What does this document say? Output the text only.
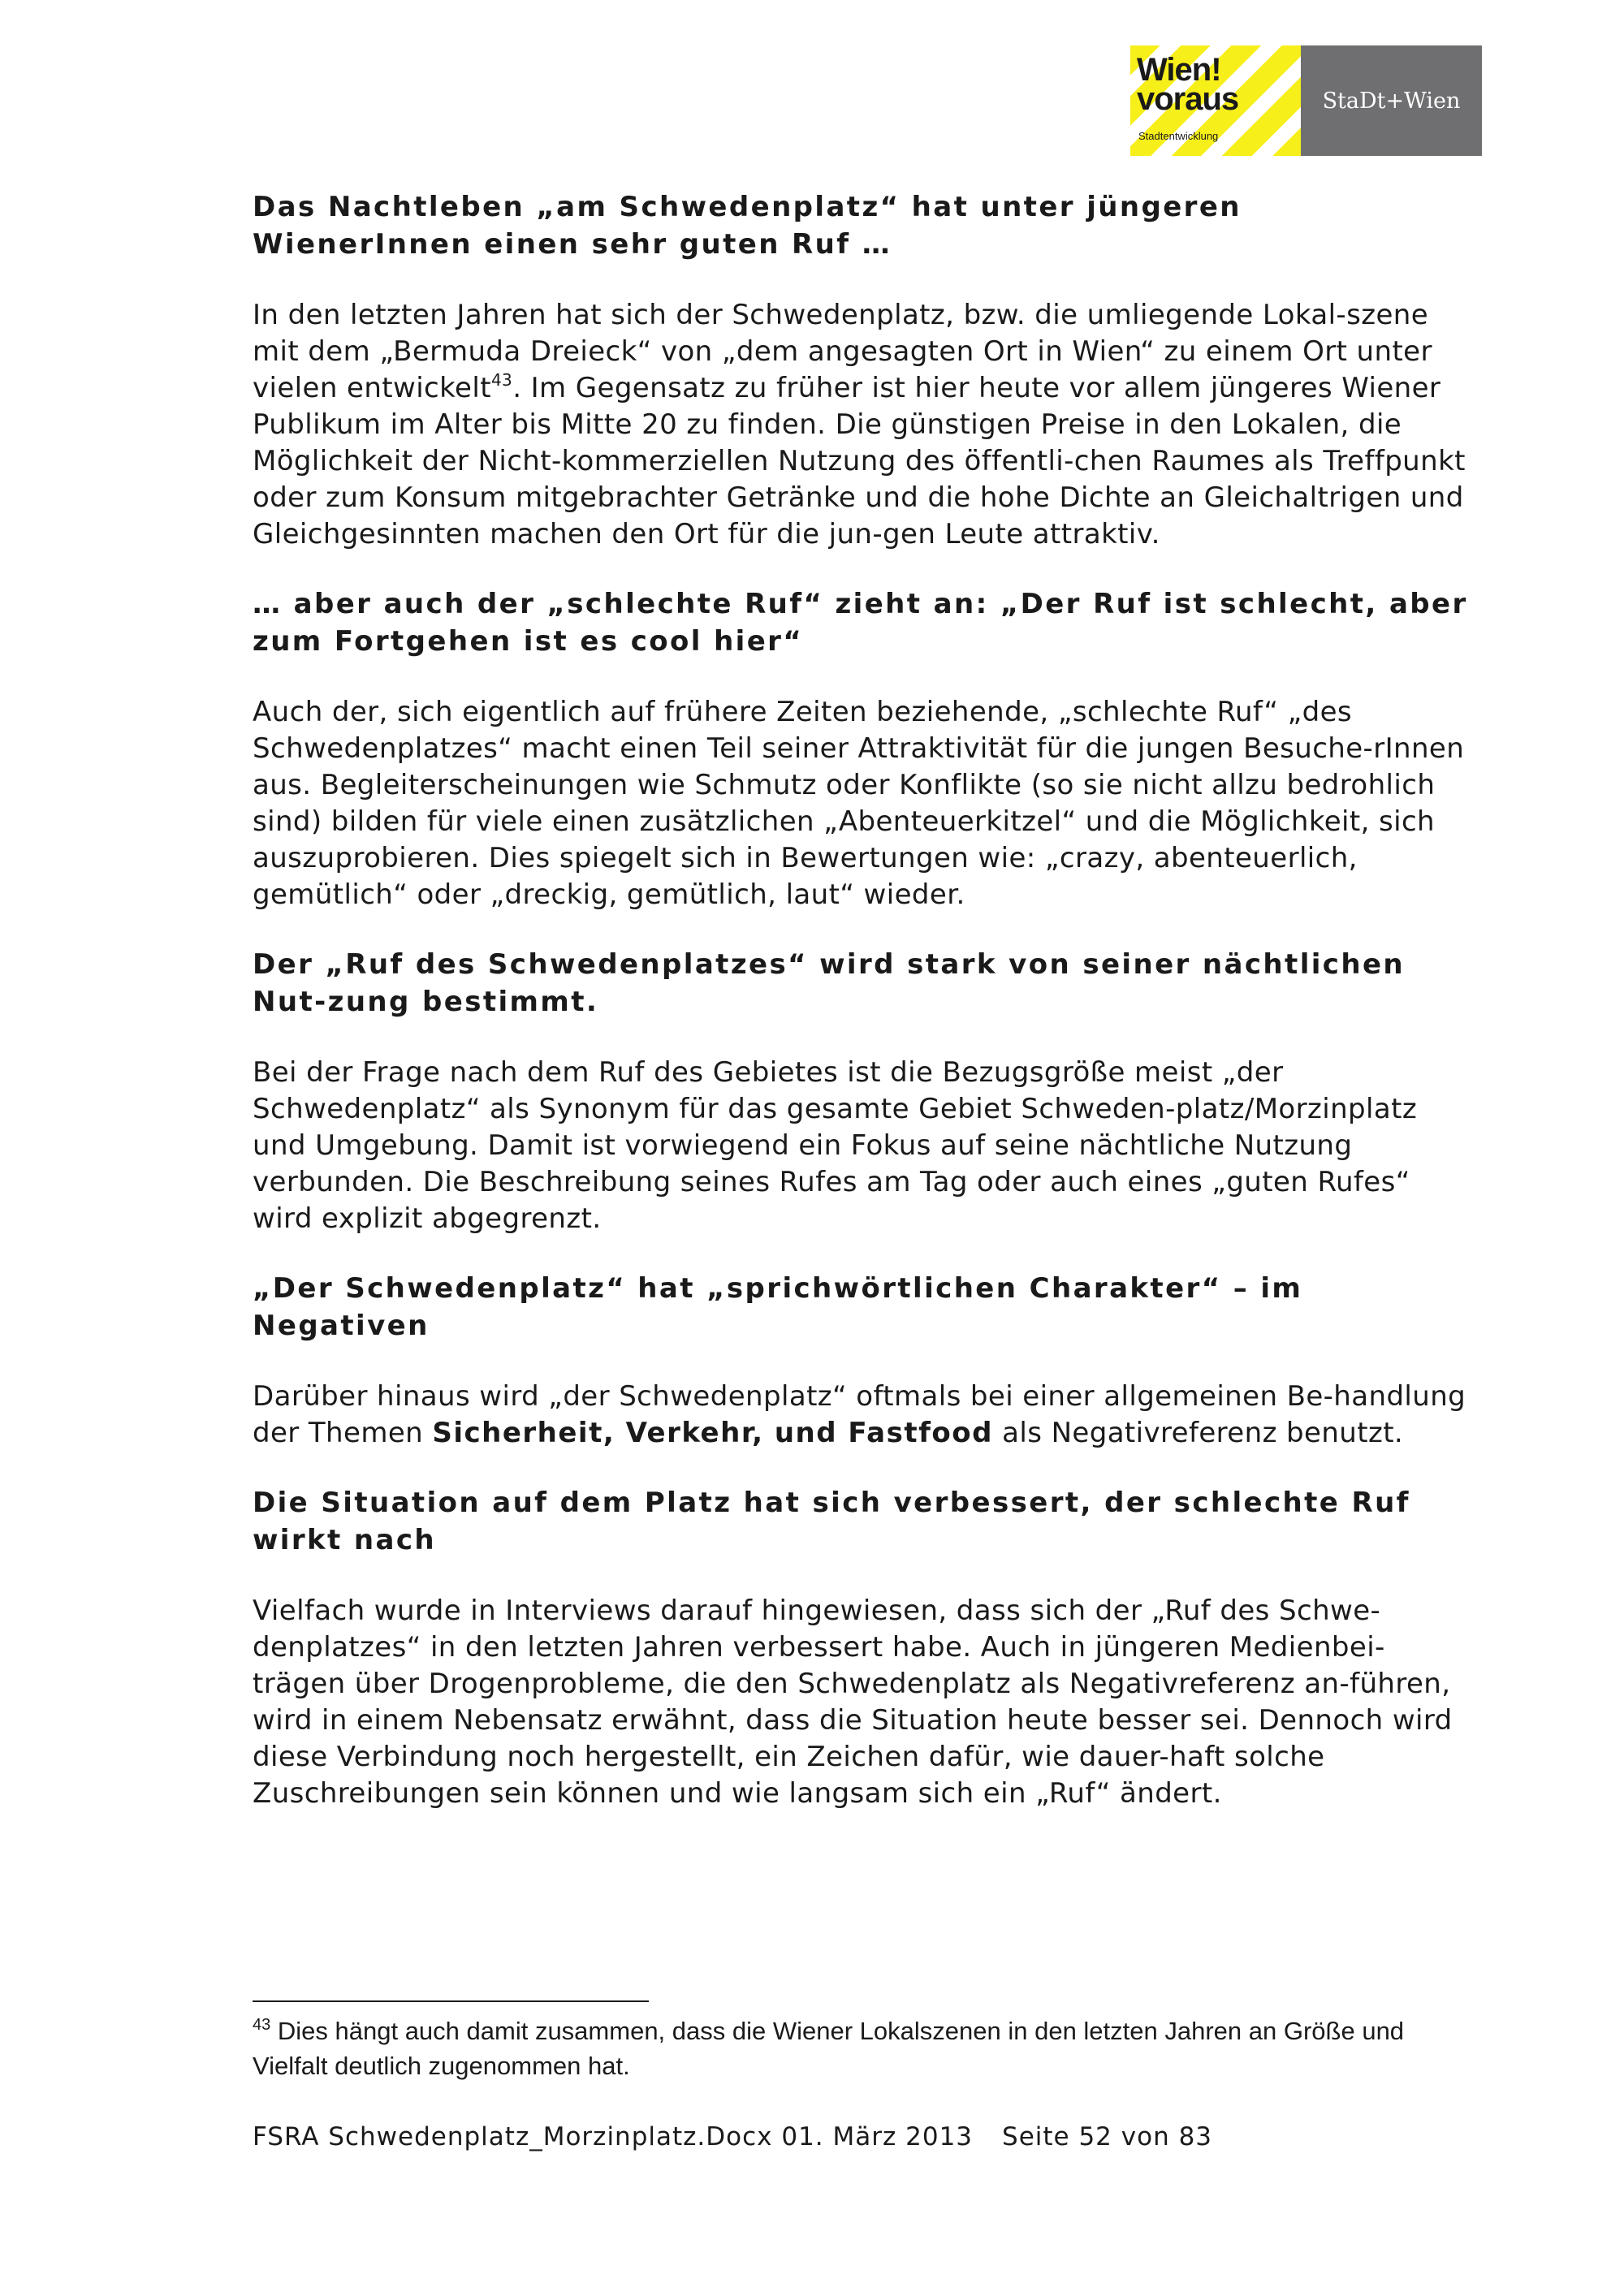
Wien!
voraus
Stadtentwicklung
StaDt+Wien
Das Nachtleben „am Schwedenplatz“ hat unter jüngeren WienerInnen einen sehr guten Ruf …

In den letzten Jahren hat sich der Schwedenplatz, bzw. die umliegende Lokal-szene mit dem „Bermuda Dreieck“ von „dem angesagten Ort in Wien“ zu einem Ort unter vielen entwickelt$^{43}$. Im Gegensatz zu früher ist hier heute vor allem jüngeres Wiener Publikum im Alter bis Mitte 20 zu finden. Die günstigen Preise in den Lokalen, die Möglichkeit der Nicht-kommerziellen Nutzung des öffentli-chen Raumes als Treffpunkt oder zum Konsum mitgebrachter Getränke und die hohe Dichte an Gleichaltrigen und Gleichgesinnten machen den Ort für die jun-gen Leute attraktiv.

… aber auch der „schlechte Ruf“ zieht an: „Der Ruf ist schlecht, aber zum Fortgehen ist es cool hier“

Auch der, sich eigentlich auf frühere Zeiten beziehende, „schlechte Ruf“ „des Schwedenplatzes“ macht einen Teil seiner Attraktivität für die jungen Besuche-rInnen aus. Begleiterscheinungen wie Schmutz oder Konflikte (so sie nicht allzu bedrohlich sind) bilden für viele einen zusätzlichen „Abenteuerkitzel“ und die Möglichkeit, sich auszuprobieren. Dies spiegelt sich in Bewertungen wie: „crazy, abenteuerlich, gemütlich“ oder „dreckig, gemütlich, laut“ wieder.

Der „Ruf des Schwedenplatzes“ wird stark von seiner nächtlichen Nut-zung bestimmt.

Bei der Frage nach dem Ruf des Gebietes ist die Bezugsgröße meist „der Schwedenplatz“ als Synonym für das gesamte Gebiet Schweden-platz/Morzinplatz und Umgebung. Damit ist vorwiegend ein Fokus auf seine nächtliche Nutzung verbunden. Die Beschreibung seines Rufes am Tag oder auch eines „guten Rufes“ wird explizit abgegrenzt.

„Der Schwedenplatz“ hat „sprichwörtlichen Charakter“ – im Negativen

Darüber hinaus wird „der Schwedenplatz“ oftmals bei einer allgemeinen Be-handlung der Themen Sicherheit, Verkehr, und Fastfood als Negativreferenz benutzt.

Die Situation auf dem Platz hat sich verbessert, der schlechte Ruf wirkt nach

Vielfach wurde in Interviews darauf hingewiesen, dass sich der „Ruf des Schwe-denplatzes“ in den letzten Jahren verbessert habe. Auch in jüngeren Medienbei-trägen über Drogenprobleme, die den Schwedenplatz als Negativreferenz an-führen, wird in einem Nebensatz erwähnt, dass die Situation heute besser sei. Dennoch wird diese Verbindung noch hergestellt, ein Zeichen dafür, wie dauer-haft solche Zuschreibungen sein können und wie langsam sich ein „Ruf“ ändert.

$^{43}$ Dies hängt auch damit zusammen, dass die Wiener Lokalszenen in den letzten Jahren an Größe und Vielfalt deutlich zugenommen hat.
FSRA Schwedenplatz_Morzinplatz.Docx 01. März 2013 Seite 52 von 83
